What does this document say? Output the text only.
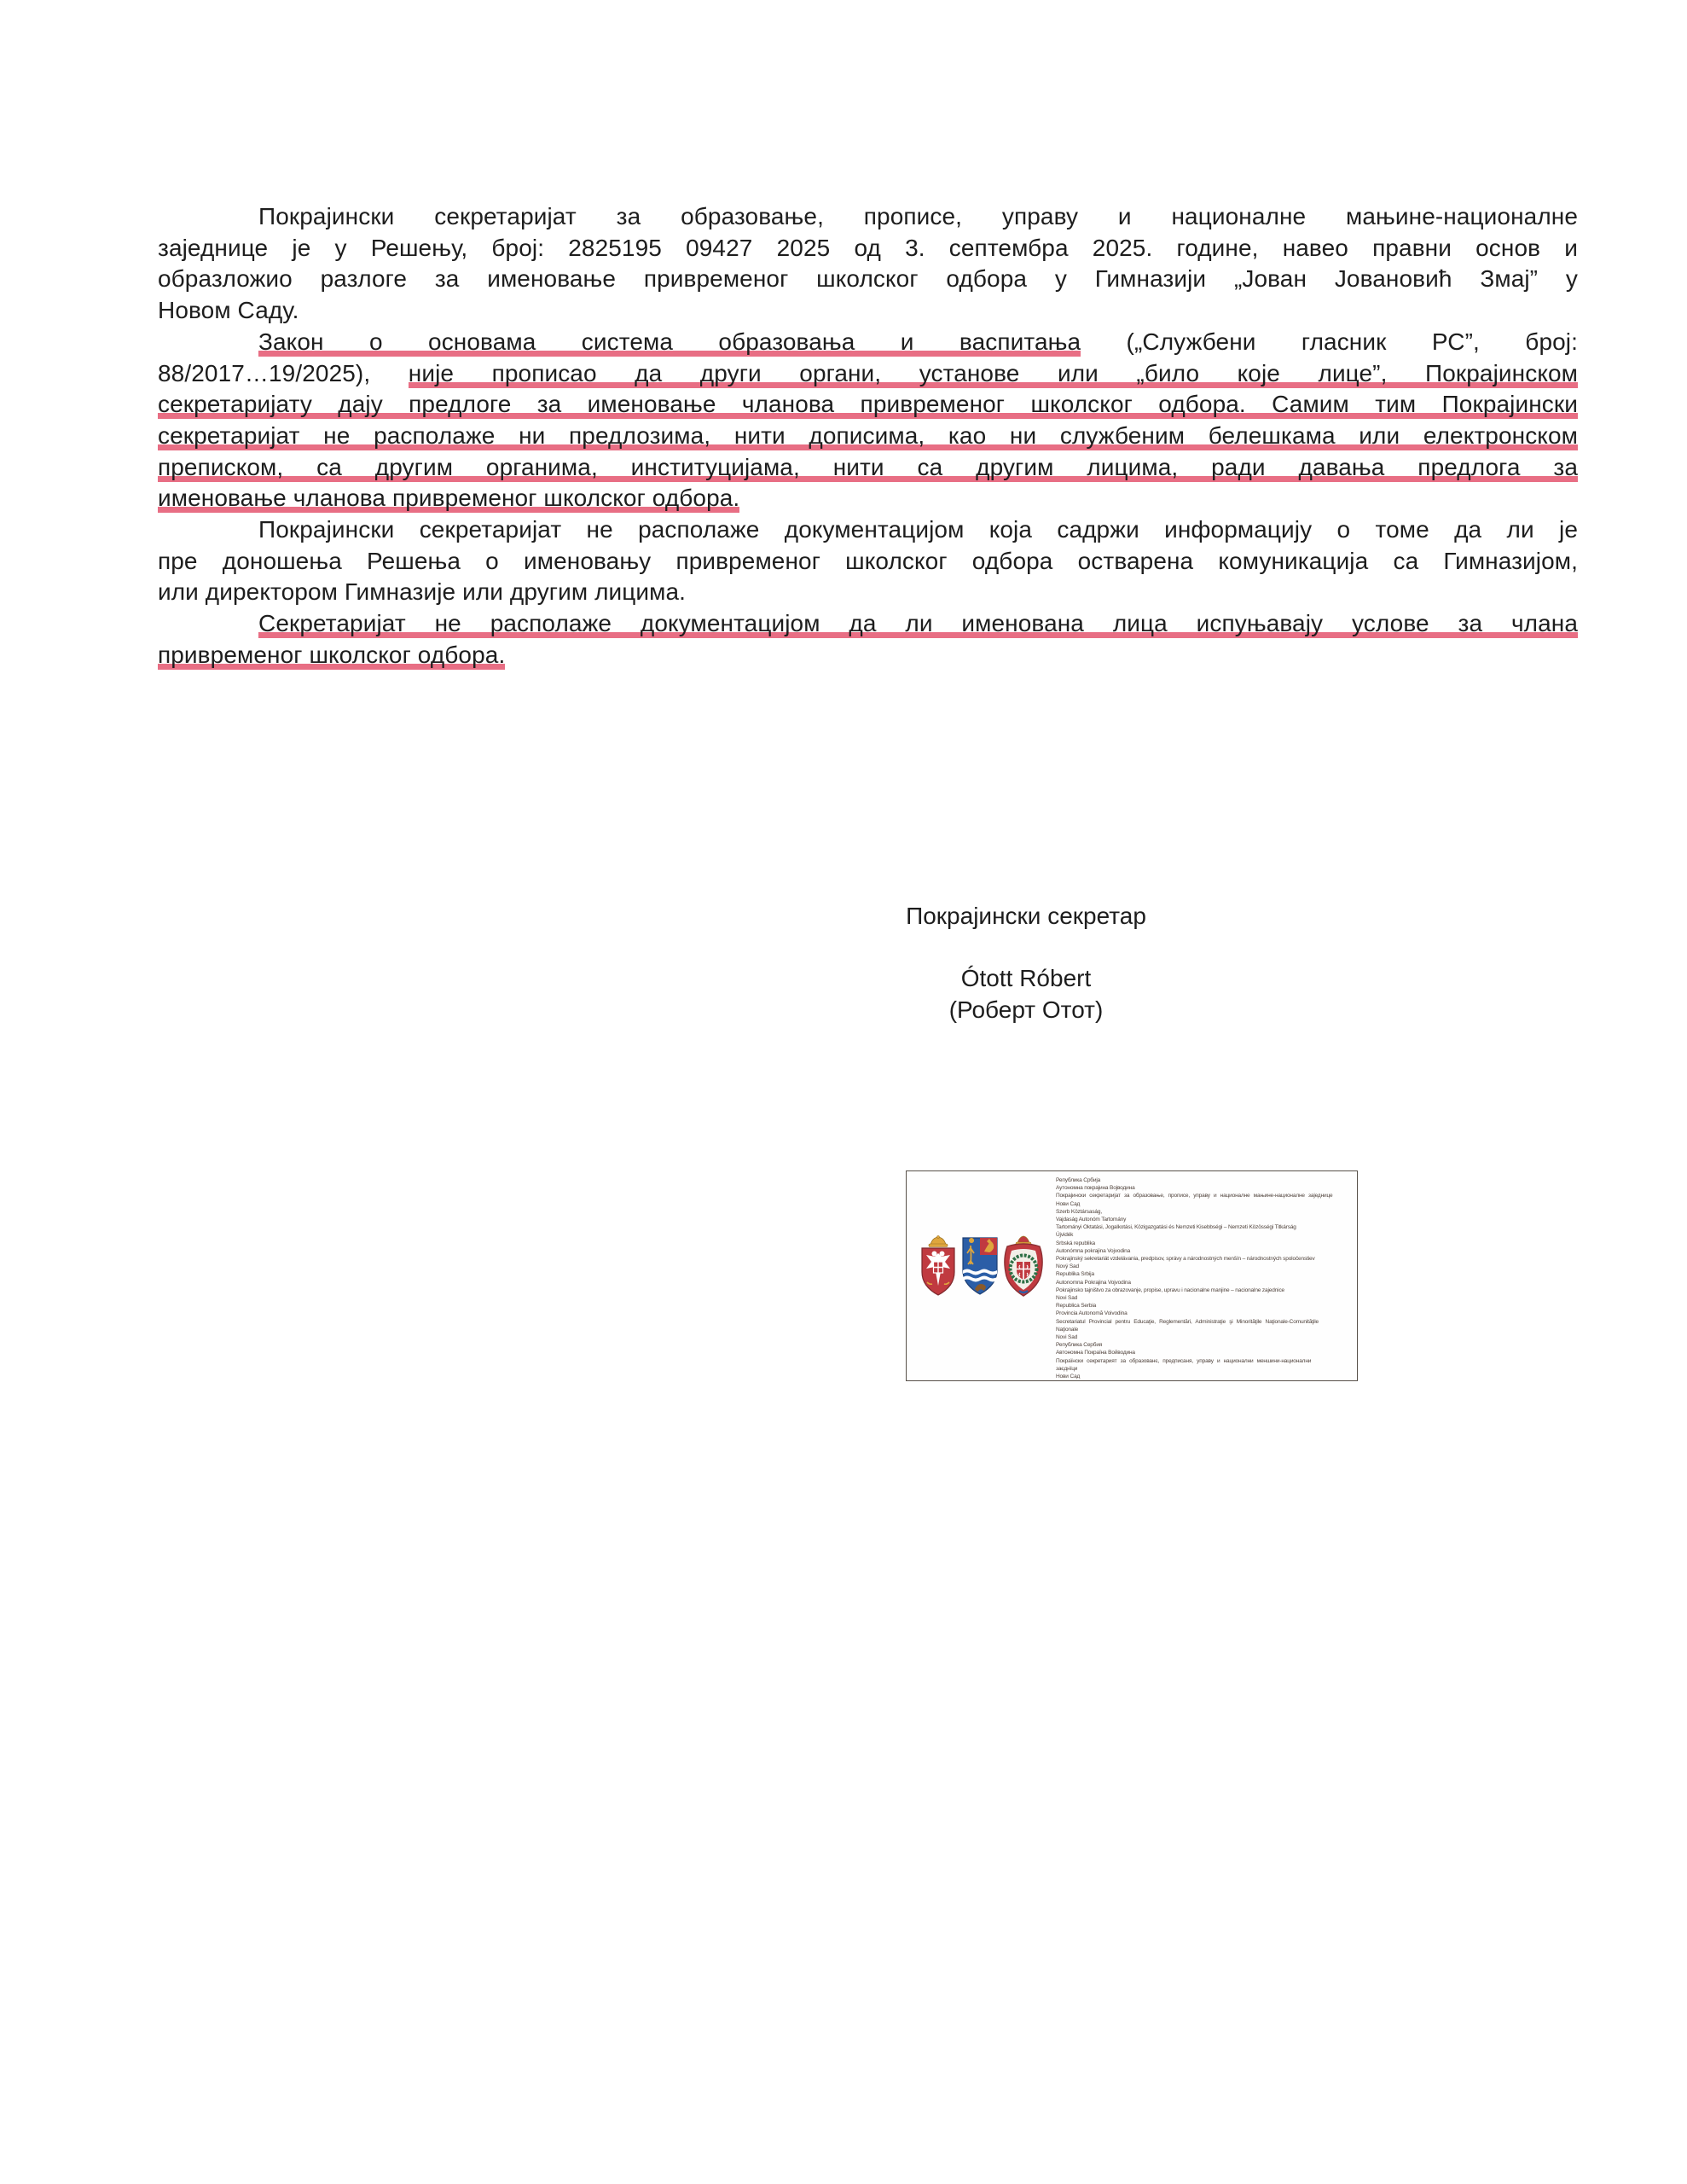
Покрајински секретаријат за образовање, прописе, управу и националне мањине-националне
заједнице је у Решењу, број: 2825195 09427 2025 од 3. септембра 2025. године, навео правни основ и
образложио разлоге за именовање привременог школског одбора у Гимназији „Јован Јовановић Змај” у
Новом Саду.
Закон о основама система образовања и васпитања („Службени гласник РС”, број:
88/2017…19/2025), није прописао да други органи, установе или „било које лице”, Покрајинском
секретаријату дају предлоге за именовање чланова привременог школског одбора. Самим тим Покрајински
секретаријат не располаже ни предлозима, нити дописима, као ни службеним белешкама или електронском
преписком, са другим органима, институцијама, нити са другим лицима, ради давања предлога за
именовање чланова привременог школског одбора.
Покрајински секретаријат не располаже документацијом која садржи информацију о томе да ли је
пре доношења Решења о именовању привременог школског одбора остварена комуникација са Гимназијом,
или директором Гимназије или другим лицима.
Секретаријат не располаже документацијом да ли именована лица испуњавају услове за члана
привременог школског одбора.
Покрајински секретар
Ótott Róbert
(Роберт Отот)
Република Србија
Аутономна покрајина Војводина
Покрајински секретаријат за образовање, прописе, управу и националне мањине-националне заједнице
Нови Сад
Szerb Köztársaság,
Vajdaság Autonóm Tartomány
Tartományi Oktatási, Jogalkotási, Közigazgatási és Nemzeti Kisebbségi – Nemzeti Közösségi Titkárság
Újvidék
Srbská republika
Autonómna pokrajina Vojvodina
Pokrajinský sekretariát vzdelávania, predpisov, správy a národnostných menšín – národnostných spoločenstiev
Nový Sad
Republika Srbija
Autonomna Pokrajina Vojvodina
Pokrajinsko tajništvo za obrazovanje, propise, upravu i nacionalne manjine – nacionalne zajednice
Novi Sad
Republica Serbia
Provincia Autonomă Voivodina
Secretariatul Provincial pentru Educaţie, Reglementări, Administraţie şi Minorităţile Naţionale-Comunităţile
Naţionale
Novi Sad
Република Сербия
Автономна Покраїна Войводина
Покраїнски секретарият за образованє, предписаня, управу и национални меншини-национални
заєднїци
Нови Сад
